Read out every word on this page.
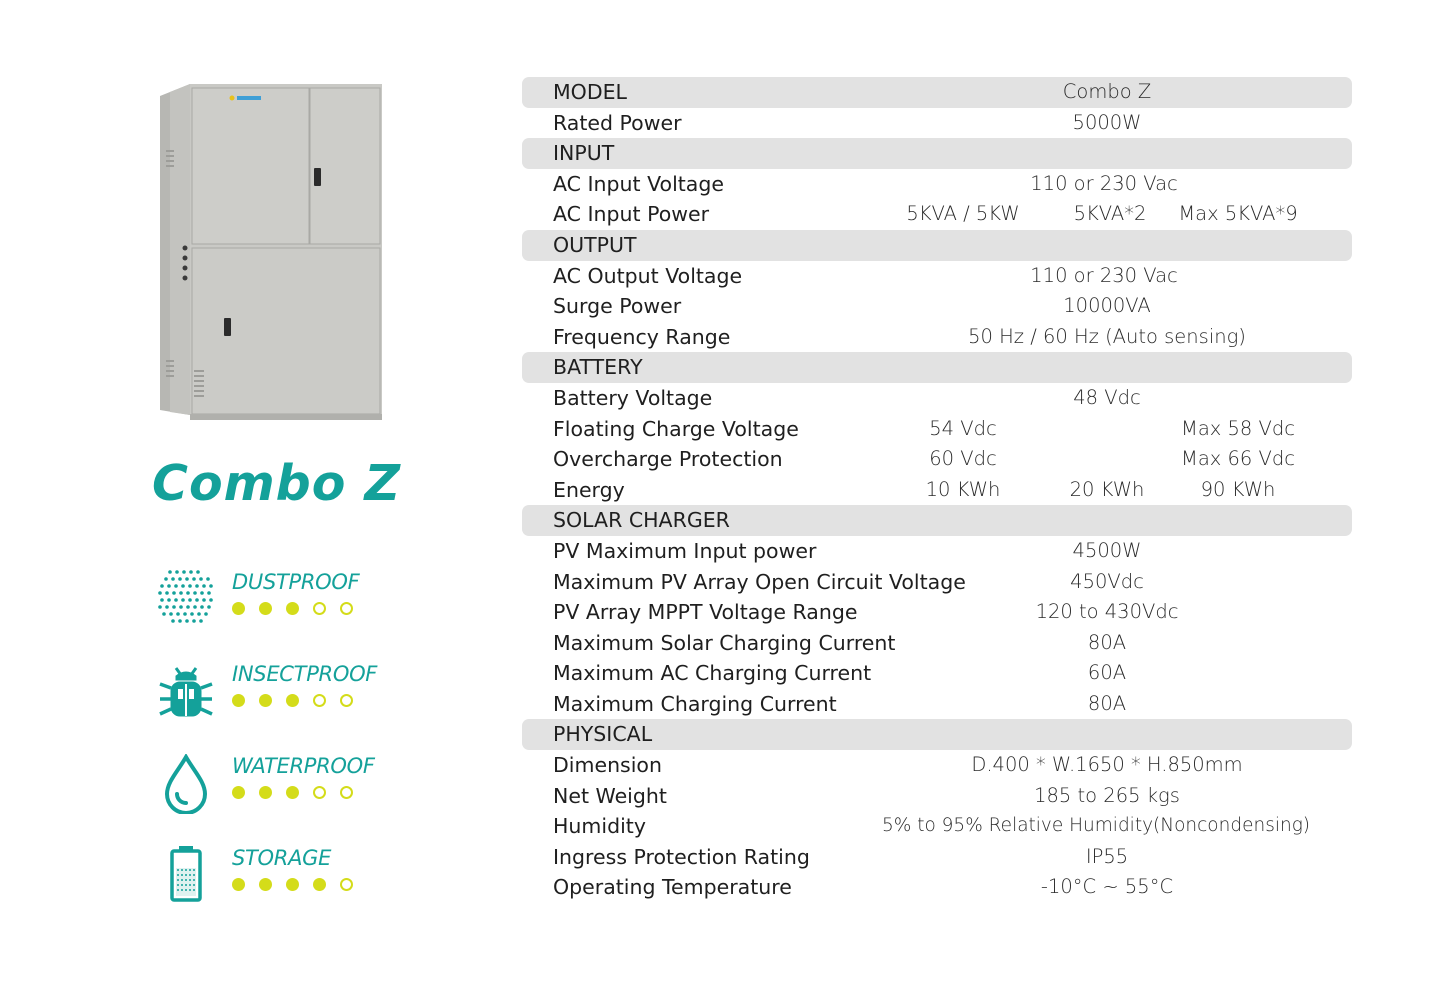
Combo Z
DUSTPROOF
INSECTPROOF
WATERPROOF
STORAGE
MODEL	Combo Z
Rated Power	5000W
INPUT
AC Input Voltage	110 or 230 Vac
AC Input Power	5KVA / 5KW	5KVA*2 Max 5KVA*9
OUTPUT
AC Output Voltage	110 or 230 Vac
Surge Power	10000VA
Frequency Range	50 Hz / 60 Hz (Auto sensing)
BATTERY
Battery Voltage	48 Vdc
Floating Charge Voltage	54 Vdc	Max 58 Vdc
Overcharge Protection	60 Vdc	Max 66 Vdc
Energy	10 KWh	20 KWh	90 KWh
SOLAR CHARGER
PV Maximum Input power	4500W
Maximum PV Array Open Circuit Voltage	450Vdc
PV Array MPPT Voltage Range	120 to 430Vdc
Maximum Solar Charging Current	80A
Maximum AC Charging Current	60A
Maximum Charging Current	80A
PHYSICAL
Dimension	D.400 * W.1650 * H.850mm
Net Weight	185 to 265 kgs
Humidity	5% to 95% Relative Humidity(Noncondensing)
Ingress Protection Rating	IP55
Operating Temperature	-10°C ~ 55°C
